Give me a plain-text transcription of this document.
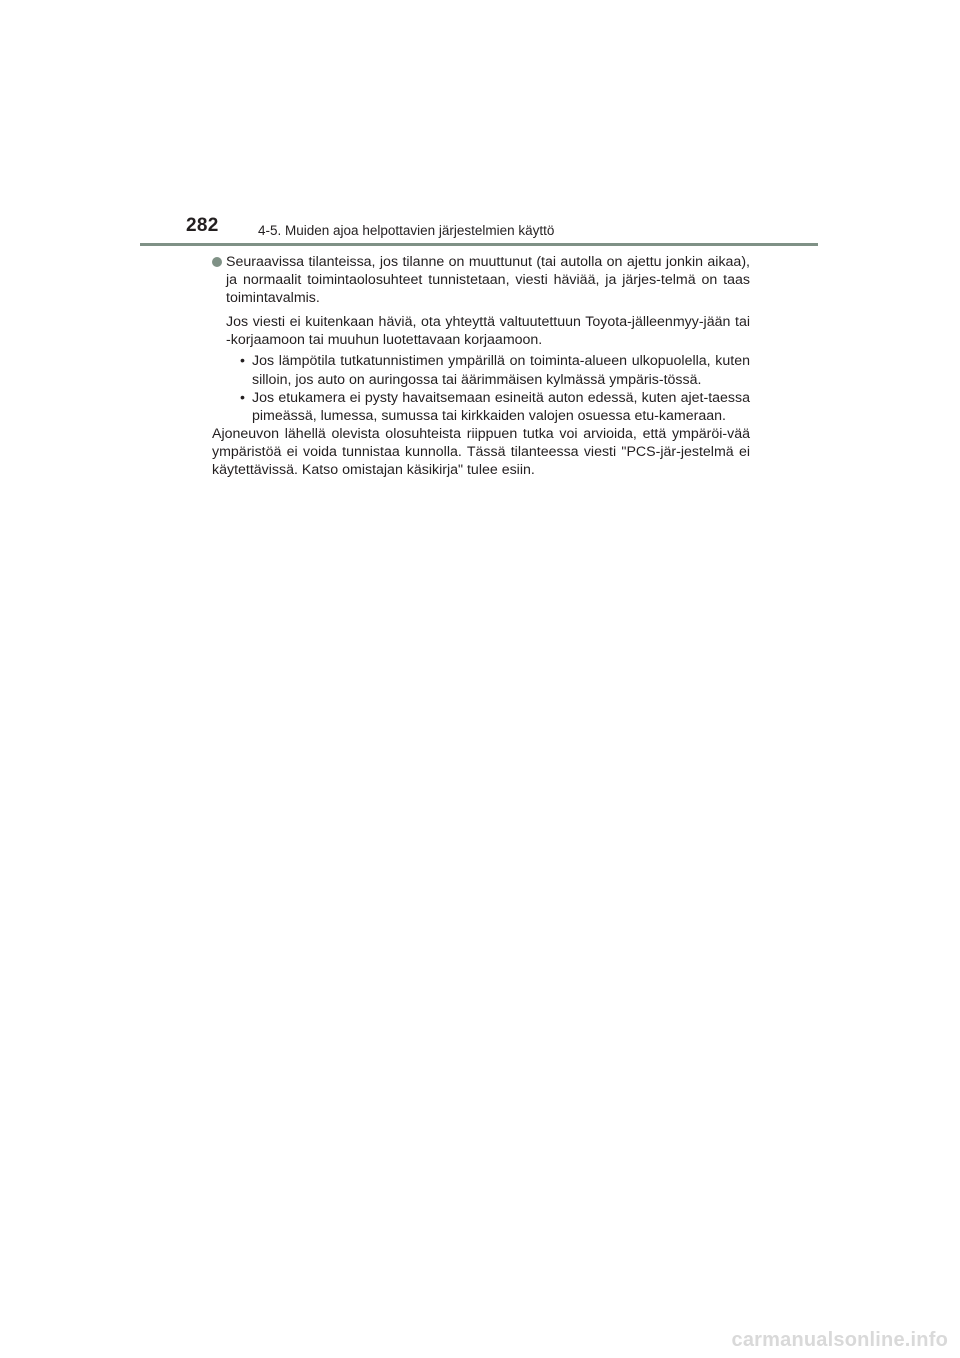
282	4-5. Muiden ajoa helpottavien järjestelmien käyttö

Seuraavissa tilanteissa, jos tilanne on muuttunut (tai autolla on ajettu jonkin aikaa), ja normaalit toimintaolosuhteet tunnistetaan, viesti häviää, ja järjes-telmä on taas toimintavalmis.

Jos viesti ei kuitenkaan häviä, ota yhteyttä valtuutettuun Toyota-jälleenmyy-jään tai -korjaamoon tai muuhun luotettavaan korjaamoon.

• Jos lämpötila tutkatunnistimen ympärillä on toiminta-alueen ulkopuolella, kuten silloin, jos auto on auringossa tai äärimmäisen kylmässä ympäris-tössä.

• Jos etukamera ei pysty havaitsemaan esineitä auton edessä, kuten ajet-taessa pimeässä, lumessa, sumussa tai kirkkaiden valojen osuessa etu-kameraan.

Ajoneuvon lähellä olevista olosuhteista riippuen tutka voi arvioida, että ympäröi-vää ympäristöä ei voida tunnistaa kunnolla. Tässä tilanteessa viesti "PCS-jär-jestelmä ei käytettävissä. Katso omistajan käsikirja" tulee esiin.

carmanualsonline.info
